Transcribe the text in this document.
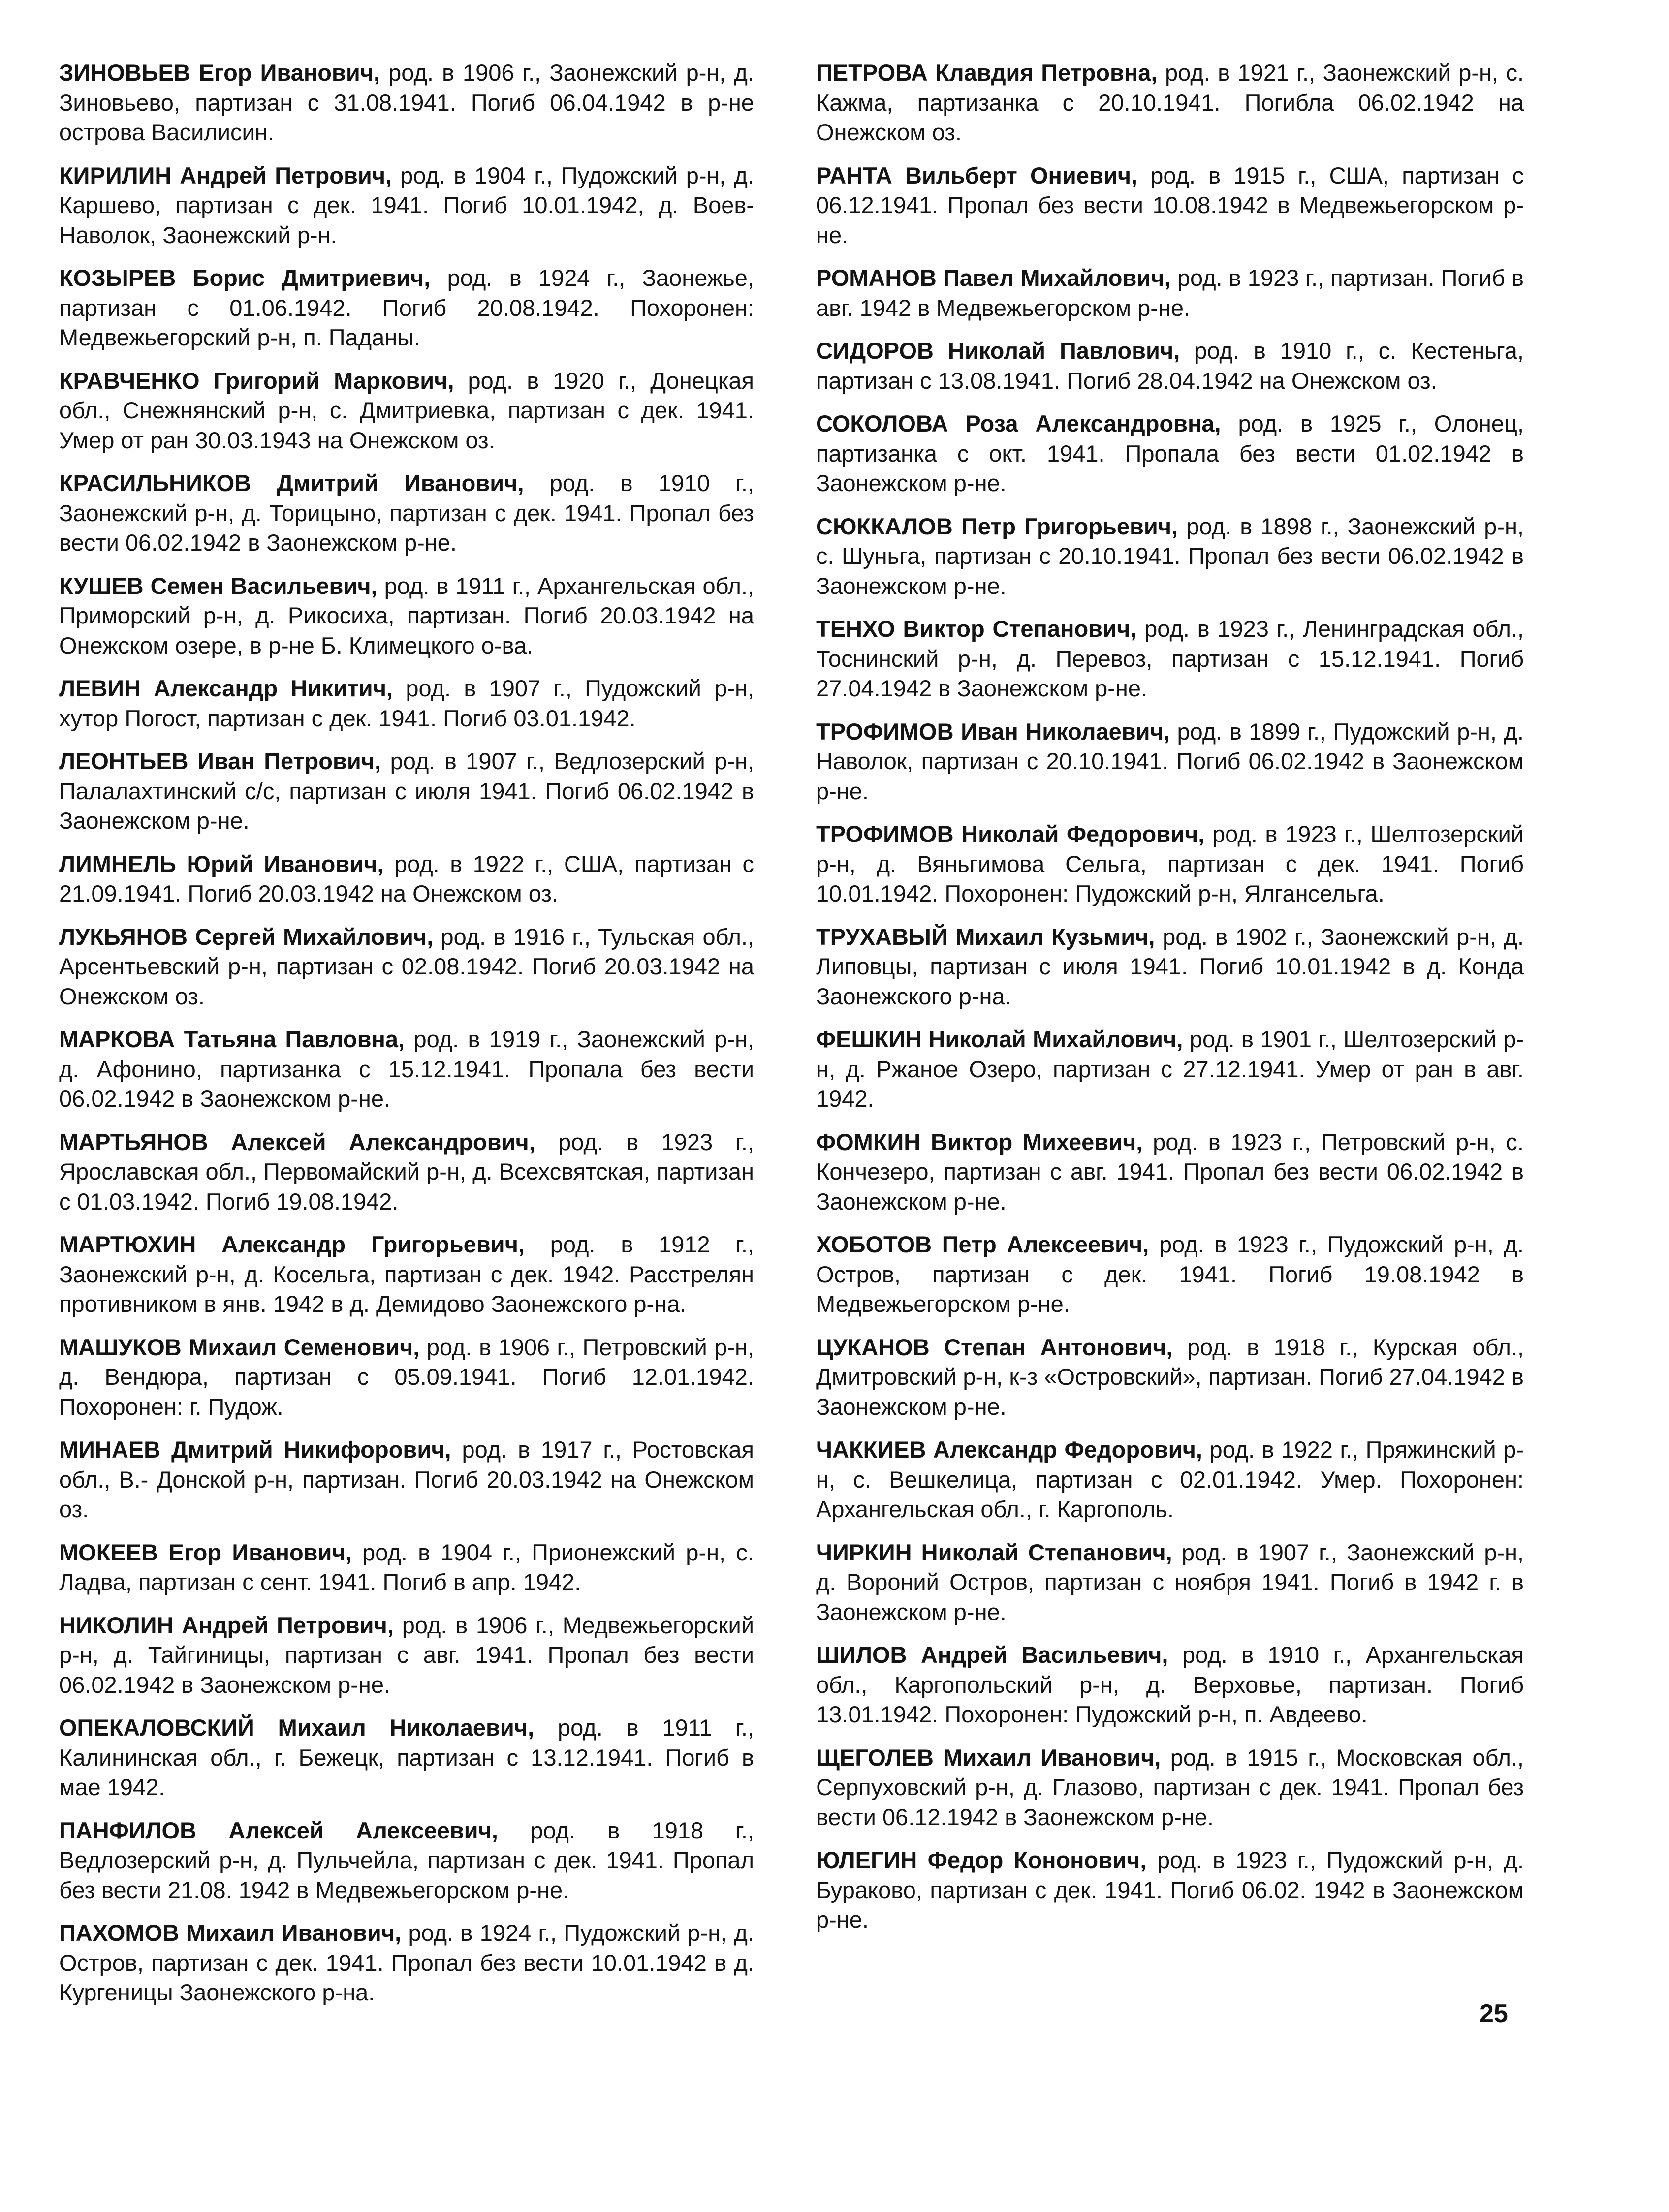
ЗИНОВЬЕВ Егор Иванович, род. в 1906 г., Заонежский р-н, д. Зиновьево, партизан с 31.08.1941. Погиб 06.04.1942 в р-не острова Василисин.

КИРИЛИН Андрей Петрович, род. в 1904 г., Пудожский р-н, д. Каршево, партизан с дек. 1941. Погиб 10.01.1942, д. Воев-Наволок, Заонежский р-н.

КОЗЫРЕВ Борис Дмитриевич, род. в 1924 г., Заонежье, партизан с 01.06.1942. Погиб 20.08.1942. Похоронен: Медвежьегорский р-н, п. Паданы.

КРАВЧЕНКО Григорий Маркович, род. в 1920 г., Донецкая обл., Снежнянский р-н, с. Дмитриевка, партизан с дек. 1941. Умер от ран 30.03.1943 на Онежском оз.

КРАСИЛЬНИКОВ Дмитрий Иванович, род. в 1910 г., Заонежский р-н, д. Торицыно, партизан с дек. 1941. Пропал без вести 06.02.1942 в Заонежском р-не.

КУШЕВ Семен Васильевич, род. в 1911 г., Архангельская обл., Приморский р-н, д. Рикосиха, партизан. Погиб 20.03.1942 на Онежском озере, в р-не Б. Климецкого о-ва.

ЛЕВИН Александр Никитич, род. в 1907 г., Пудожский р-н, хутор Погост, партизан с дек. 1941. Погиб 03.01.1942.

ЛЕОНТЬЕВ Иван Петрович, род. в 1907 г., Ведлозерский р-н, Палалахтинский с/с, партизан с июля 1941. Погиб 06.02.1942 в Заонежском р-не.

ЛИМНЕЛЬ Юрий Иванович, род. в 1922 г., США, партизан с 21.09.1941. Погиб 20.03.1942 на Онежском оз.

ЛУКЬЯНОВ Сергей Михайлович, род. в 1916 г., Тульская обл., Арсентьевский р-н, партизан с 02.08.1942. Погиб 20.03.1942 на Онежском оз.

МАРКОВА Татьяна Павловна, род. в 1919 г., Заонежский р-н, д. Афонино, партизанка с 15.12.1941. Пропала без вести 06.02.1942 в Заонежском р-не.

МАРТЬЯНОВ Алексей Александрович, род. в 1923 г., Ярославская обл., Первомайский р-н, д. Всехсвятская, партизан с 01.03.1942. Погиб 19.08.1942.

МАРТЮХИН Александр Григорьевич, род. в 1912 г., Заонежский р-н, д. Косельга, партизан с дек. 1942. Расстрелян противником в янв. 1942 в д. Демидово Заонежского р-на.

МАШУКОВ Михаил Семенович, род. в 1906 г., Петровский р-н, д. Вендюра, партизан с 05.09.1941. Погиб 12.01.1942. Похоронен: г. Пудож.

МИНАЕВ Дмитрий Никифорович, род. в 1917 г., Ростовская обл., В.- Донской р-н, партизан. Погиб 20.03.1942 на Онежском оз.

МОКЕЕВ Егор Иванович, род. в 1904 г., Прионежский р-н, с. Ладва, партизан с сент. 1941. Погиб в апр. 1942.

НИКОЛИН Андрей Петрович, род. в 1906 г., Медвежьегорский р-н, д. Тайгиницы, партизан с авг. 1941. Пропал без вести 06.02.1942 в Заонежском р-не.

ОПЕКАЛОВСКИЙ Михаил Николаевич, род. в 1911 г., Калининская обл., г. Бежецк, партизан с 13.12.1941. Погиб в мае 1942.

ПАНФИЛОВ Алексей Алексеевич, род. в 1918 г., Ведлозерский р-н, д. Пульчейла, партизан с дек. 1941. Пропал без вести 21.08. 1942 в Медвежьегорском р-не.

ПАХОМОВ Михаил Иванович, род. в 1924 г., Пудожский р-н, д. Остров, партизан с дек. 1941. Пропал без вести 10.01.1942 в д. Кургеницы Заонежского р-на.

ПЕТРОВА Клавдия Петровна, род. в 1921 г., Заонежский р-н, с. Кажма, партизанка с 20.10.1941. Погибла 06.02.1942 на Онежском оз.

РАНТА Вильберт Ониевич, род. в 1915 г., США, партизан с 06.12.1941. Пропал без вести 10.08.1942 в Медвежьегорском р-не.

РОМАНОВ Павел Михайлович, род. в 1923 г., партизан. Погиб в авг. 1942 в Медвежьегорском р-не.

СИДОРОВ Николай Павлович, род. в 1910 г., с. Кестеньга, партизан с 13.08.1941. Погиб 28.04.1942 на Онежском оз.

СОКОЛОВА Роза Александровна, род. в 1925 г., Олонец, партизанка с окт. 1941. Пропала без вести 01.02.1942 в Заонежском р-не.

СЮККАЛОВ Петр Григорьевич, род. в 1898 г., Заонежский р-н, с. Шуньга, партизан с 20.10.1941. Пропал без вести 06.02.1942 в Заонежском р-не.

ТЕНХО Виктор Степанович, род. в 1923 г., Ленинградская обл., Тоснинский р-н, д. Перевоз, партизан с 15.12.1941. Погиб 27.04.1942 в Заонежском р-не.

ТРОФИМОВ Иван Николаевич, род. в 1899 г., Пудожский р-н, д. Наволок, партизан с 20.10.1941. Погиб 06.02.1942 в Заонежском р-не.

ТРОФИМОВ Николай Федорович, род. в 1923 г., Шелтозерский р-н, д. Вяньгимова Сельга, партизан с дек. 1941. Погиб 10.01.1942. Похоронен: Пудожский р-н, Ялгансельга.

ТРУХАВЫЙ Михаил Кузьмич, род. в 1902 г., Заонежский р-н, д. Липовцы, партизан с июля 1941. Погиб 10.01.1942 в д. Конда Заонежского р-на.

ФЕШКИН Николай Михайлович, род. в 1901 г., Шелтозерский р-н, д. Ржаное Озеро, партизан с 27.12.1941. Умер от ран в авг. 1942.

ФОМКИН Виктор Михеевич, род. в 1923 г., Петровский р-н, с. Кончезеро, партизан с авг. 1941. Пропал без вести 06.02.1942 в Заонежском р-не.

ХОБОТОВ Петр Алексеевич, род. в 1923 г., Пудожский р-н, д. Остров, партизан с дек. 1941. Погиб 19.08.1942 в Медвежьегорском р-не.

ЦУКАНОВ Степан Антонович, род. в 1918 г., Курская обл., Дмитровский р-н, к-з «Островский», партизан. Погиб 27.04.1942 в Заонежском р-не.

ЧАККИЕВ Александр Федорович, род. в 1922 г., Пряжинский р-н, с. Вешкелица, партизан с 02.01.1942. Умер. Похоронен: Архангельская обл., г. Каргополь.

ЧИРКИН Николай Степанович, род. в 1907 г., Заонежский р-н, д. Вороний Остров, партизан с ноября 1941. Погиб в 1942 г. в Заонежском р-не.

ШИЛОВ Андрей Васильевич, род. в 1910 г., Архангельская обл., Каргопольский р-н, д. Верховье, партизан. Погиб 13.01.1942. Похоронен: Пудожский р-н, п. Авдеево.

ЩЕГОЛЕВ Михаил Иванович, род. в 1915 г., Московская обл., Серпуховский р-н, д. Глазово, партизан с дек. 1941. Пропал без вести 06.12.1942 в Заонежском р-не.

ЮЛЕГИН Федор Кононович, род. в 1923 г., Пудожский р-н, д. Бураково, партизан с дек. 1941. Погиб 06.02. 1942 в Заонежском р-не.

25
